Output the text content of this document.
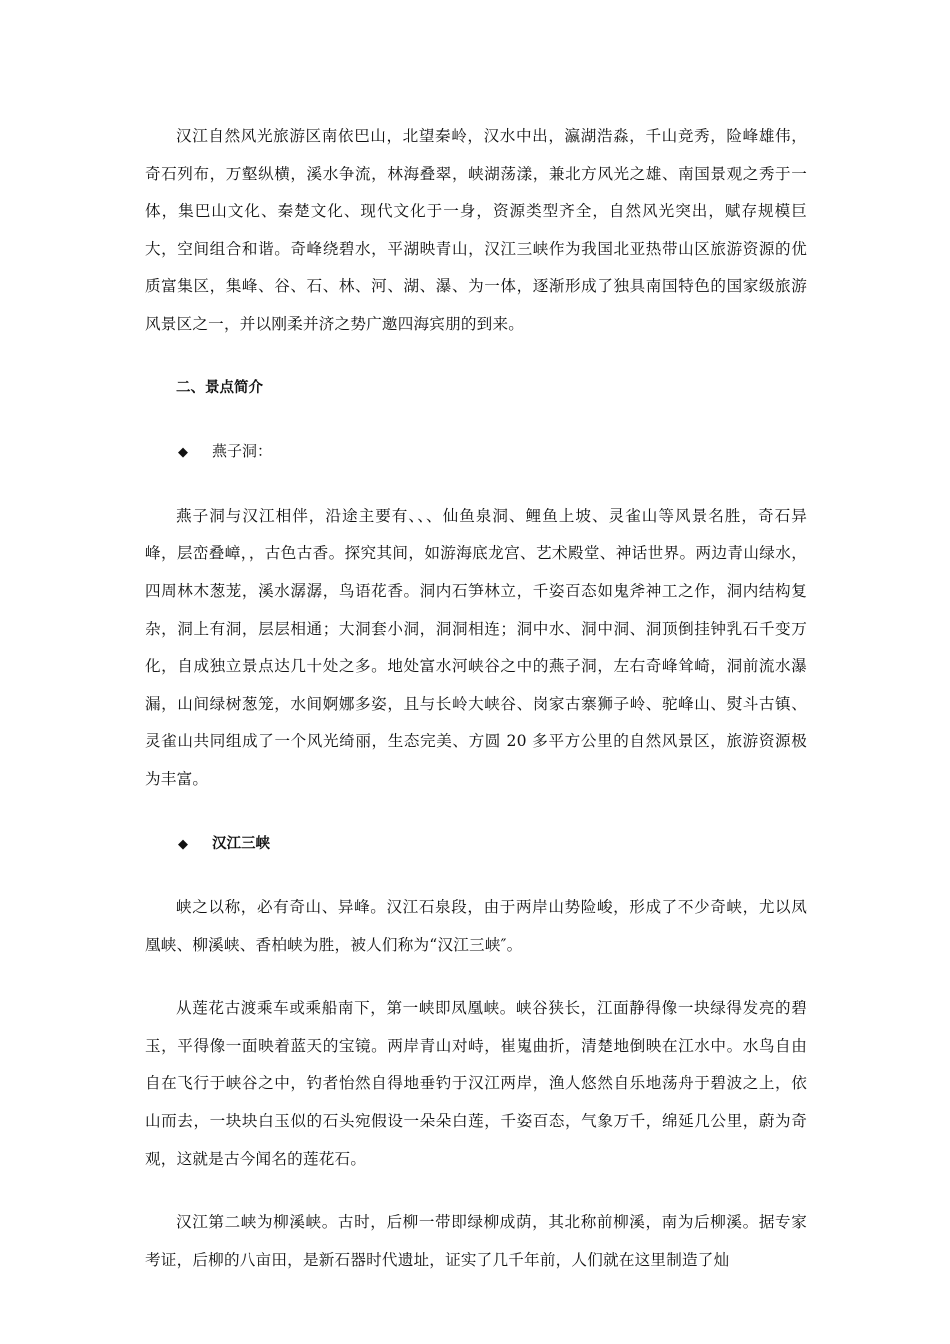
汉江自然风光旅游区南依巴山，北望秦岭，汉水中出，瀛湖浩淼，千山竞秀，险峰雄伟，奇石列布，万壑纵横，溪水争流，林海叠翠，峡湖荡漾，兼北方风光之雄、南国景观之秀于一体，集巴山文化、秦楚文化、现代文化于一身，资源类型齐全，自然风光突出，赋存规模巨大，空间组合和谐。奇峰绕碧水，平湖映青山，汉江三峡作为我国北亚热带山区旅游资源的优质富集区，集峰、谷、石、林、河、湖、瀑、为一体，逐渐形成了独具南国特色的国家级旅游风景区之一，并以刚柔并济之势广邀四海宾朋的到来。

二、景点简介

◆ 燕子洞：

燕子洞与汉江相伴，沿途主要有、、、仙鱼泉洞、鲤鱼上坡、灵雀山等风景名胜，奇石异峰，层峦叠嶂，，古色古香。探究其间，如游海底龙宫、艺术殿堂、神话世界。两边青山绿水，四周林木葱茏，溪水潺潺，鸟语花香。洞内石笋林立，千姿百态如鬼斧神工之作，洞内结构复杂，洞上有洞，层层相通；大洞套小洞，洞洞相连；洞中水、洞中洞、洞顶倒挂钟乳石千变万化，自成独立景点达几十处之多。地处富水河峡谷之中的燕子洞，左右奇峰耸崎，洞前流水瀑漏，山间绿树葱笼，水间婀娜多姿，且与长岭大峡谷、岗家古寨狮子岭、驼峰山、熨斗古镇、灵雀山共同组成了一个风光绮丽，生态完美、方圆 20 多平方公里的自然风景区，旅游资源极为丰富。

◆ 汉江三峡

峡之以称，必有奇山、异峰。汉江石泉段，由于两岸山势险峻，形成了不少奇峡，尤以凤凰峡、柳溪峡、香柏峡为胜，被人们称为“汉江三峡″。

从莲花古渡乘车或乘船南下，第一峡即凤凰峡。峡谷狭长，江面静得像一块绿得发亮的碧玉，平得像一面映着蓝天的宝镜。两岸青山对峙，崔嵬曲折，清楚地倒映在江水中。水鸟自由自在飞行于峡谷之中，钓者怡然自得地垂钓于汉江两岸，渔人悠然自乐地荡舟于碧波之上，依山而去，一块块白玉似的石头宛假设一朵朵白莲，千姿百态，气象万千，绵延几公里，蔚为奇观，这就是古今闻名的莲花石。

汉江第二峡为柳溪峡。古时，后柳一带即绿柳成荫，其北称前柳溪，南为后柳溪。据专家考证，后柳的八亩田，是新石器时代遗址，证实了几千年前，人们就在这里制造了灿
